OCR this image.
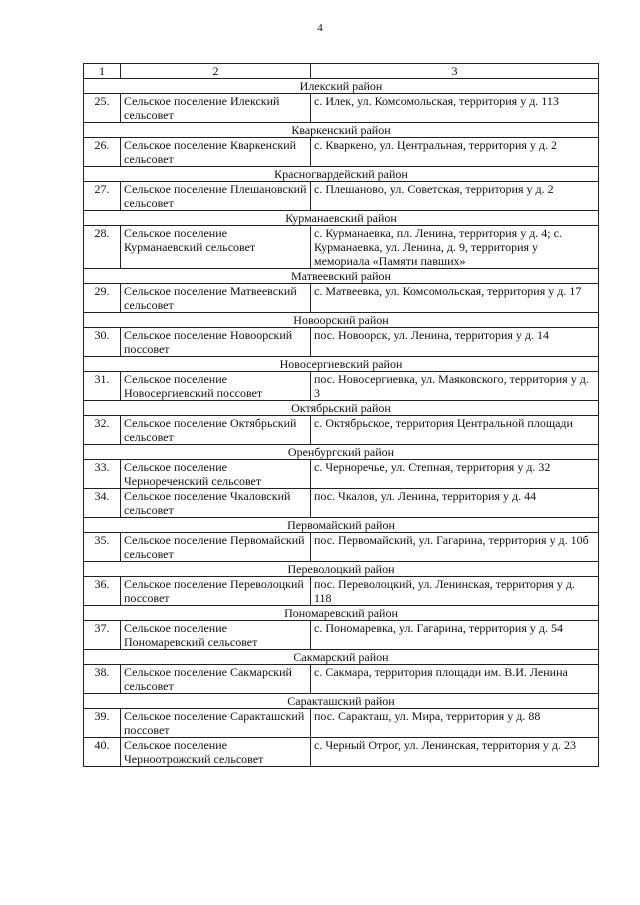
4
1	2	3
Илекский район		
25.	Сельское поселение Илекский сельсовет	с. Илек, ул. Комсомольская, территория у д. 113
Кваркенский район		
26.	Сельское поселение Кваркенский сельсовет	с. Кваркено, ул. Центральная, территория у д. 2
Красногвардейский район		
27.	Сельское поселение Плешановский сельсовет	с. Плешаново, ул. Советская, территория у д. 2
Курманаевский район		
28.	Сельское поселение Курманаевский сельсовет	с. Курманаевка, пл. Ленина, территория у д. 4; с. Курманаевка, ул. Ленина, д. 9, территория у мемориала «Памяти павших»
Матвеевский район		
29.	Сельское поселение Матвеевский сельсовет	с. Матвеевка, ул. Комсомольская, территория у д. 17
Новоорский район		
30.	Сельское поселение Новоорский поссовет	пос. Новоорск, ул. Ленина, территория у д. 14
Новосергиевский район		
31.	Сельское поселение Новосергиевский поссовет	пос. Новосергиевка, ул. Маяковского, территория у д. 3
Октябрьский район		
32.	Сельское поселение Октябрьский сельсовет	с. Октябрьское, территория Центральной площади
Оренбургский район		
33.	Сельское поселение Чернореченский сельсовет	с. Черноречье, ул. Степная, территория у д. 32
34.	Сельское поселение Чкаловский сельсовет	пос. Чкалов, ул. Ленина, территория у д. 44
Первомайский район		
35.	Сельское поселение Первомайский сельсовет	пос. Первомайский, ул. Гагарина, территория у д. 10б
Переволоцкий район		
36.	Сельское поселение Переволоцкий поссовет	пос. Переволоцкий, ул. Ленинская, территория у д. 118
Пономаревский район		
37.	Сельское поселение Пономаревский сельсовет	с. Пономаревка, ул. Гагарина, территория у д. 54
Сакмарский район		
38.	Сельское поселение Сакмарский сельсовет	с. Сакмара, территория площади им. В.И. Ленина
Саракташский район		
39.	Сельское поселение Саракташский поссовет	пос. Саракташ, ул. Мира, территория у д. 88
40.	Сельское поселение Черноотрожский сельсовет	с. Черный Отрог, ул. Ленинская, территория у д. 23
